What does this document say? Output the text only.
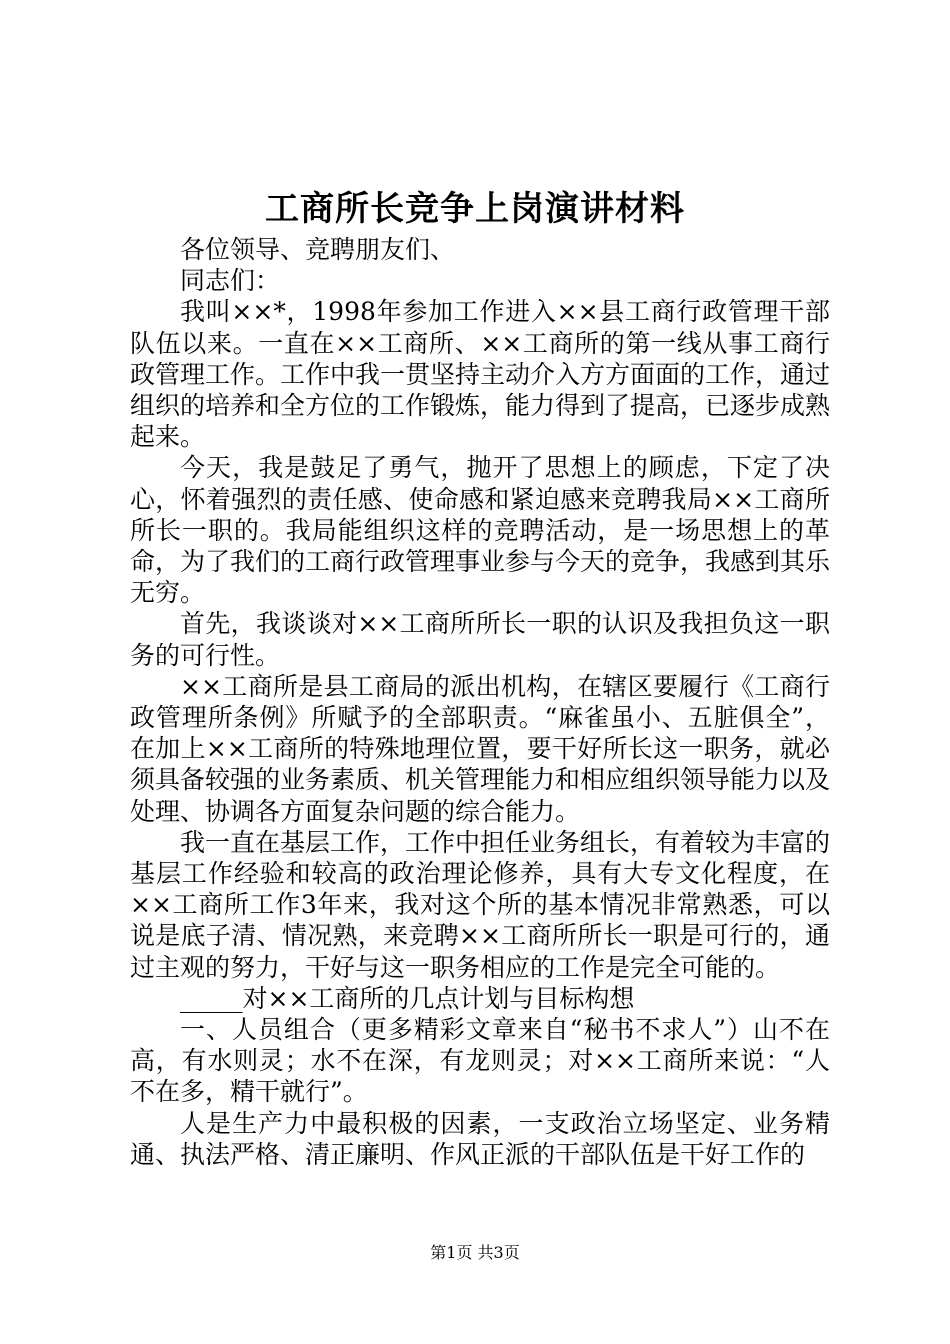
工商所长竞争上岗演讲材料

各位领导、竞聘朋友们、

同志们：

我叫××*，1998年参加工作进入××县工商行政管理干部队伍以来。一直在××工商所、××工商所的第一线从事工商行政管理工作。工作中我一贯坚持主动介入方方面面的工作，通过组织的培养和全方位的工作锻炼，能力得到了提高，已逐步成熟起来。

今天，我是鼓足了勇气，抛开了思想上的顾虑，下定了决心，怀着强烈的责任感、使命感和紧迫感来竞聘我局××工商所所长一职的。我局能组织这样的竞聘活动，是一场思想上的革命，为了我们的工商行政管理事业参与今天的竞争，我感到其乐无穷。

首先，我谈谈对××工商所所长一职的认识及我担负这一职务的可行性。

××工商所是县工商局的派出机构，在辖区要履行《工商行政管理所条例》所赋予的全部职责。“麻雀虽小、五脏俱全”，在加上××工商所的特殊地理位置，要干好所长这一职务，就必须具备较强的业务素质、机关管理能力和相应组织领导能力以及处理、协调各方面复杂问题的综合能力。

我一直在基层工作，工作中担任业务组长，有着较为丰富的基层工作经验和较高的政治理论修养，具有大专文化程度，在××工商所工作3年来，我对这个所的基本情况非常熟悉，可以说是底子清、情况熟，来竞聘××工商所所长一职是可行的，通过主观的努力，干好与这一职务相应的工作是完全可能的。

_____对××工商所的几点计划与目标构想

一、人员组合（更多精彩文章来自“秘书不求人”）山不在高，有水则灵；水不在深，有龙则灵；对××工商所来说：“人不在多，精干就行”。

人是生产力中最积极的因素，一支政治立场坚定、业务精通、执法严格、清正廉明、作风正派的干部队伍是干好工作的

第1页 共3页
